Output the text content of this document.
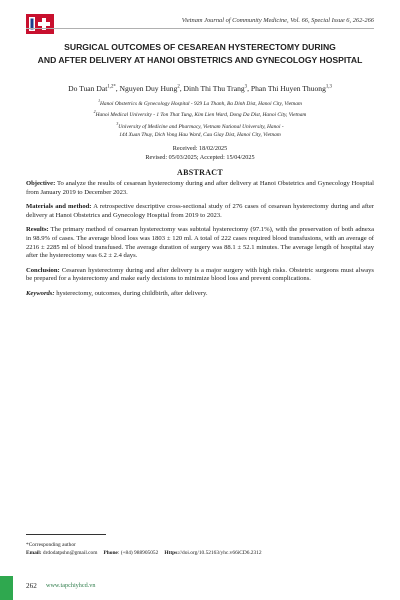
Vietnam Journal of Community Medicine, Vol. 66, Special Issue 6, 262-266
SURGICAL OUTCOMES OF CESAREAN HYSTERECTOMY DURING
AND AFTER DELIVERY AT HANOI OBSTETRICS AND GYNECOLOGY HOSPITAL
Do Tuan Dat$^{1,2*}$, Nguyen Duy Hung$^2$, Dinh Thi Thu Trang$^3$, Phan Thi Huyen Thuong$^{1,3}$
$^1$Hanoi Obstetrics & Gynecology Hospital - 929 La Thanh, Ba Dinh Dist, Hanoi City, Vietnam
$^2$Hanoi Medical University - 1 Ton That Tung, Kim Lien Ward, Dong Da Dist, Hanoi City, Vietnam
$^3$University of Medicine and Pharmacy, Vietnam National University, Hanoi -
144 Xuan Thuy, Dich Vong Hau Ward, Cau Giay Dist, Hanoi City, Vietnam
Received: 18/02/2025
Revised: 05/03/2025; Accepted: 15/04/2025
ABSTRACT

Objective: To analyze the results of cesarean hysterectomy during and after delivery at Hanoi Obstetrics and Gynecology Hospital from January 2019 to December 2023.

Materials and method: A retrospective descriptive cross-sectional study of 276 cases of cesarean hysterectomy during and after delivery at Hanoi Obstetrics and Gynecology Hospital from 2019 to 2023.

Results: The primary method of cesarean hysterectomy was subtotal hysterectomy (97.1%), with the preservation of both adnexa in 98.9% of cases. The average blood loss was 1803 ± 120 ml. A total of 222 cases required blood transfusions, with an average of 2216 ± 2285 ml of blood transfused. The average duration of surgery was 88.1 ± 52.1 minutes. The average length of hospital stay after the hysterectomy was 6.2 ± 2.4 days.

Conclusion: Cesarean hysterectomy during and after delivery is a major surgery with high risks. Obstetric surgeons must always be prepared for a hysterectomy and make early decisions to minimize blood loss and prevent complications.

Keywords: hysterectomy, outcomes, during childbirth, after delivery.

*Corresponding author
Email: drdodatpshn@gmail.com Phone: (+84) 988905052 Https://doi.org/10.52163/yhc.v66iCD6.2312
262 www.tapchiyhcd.vn
